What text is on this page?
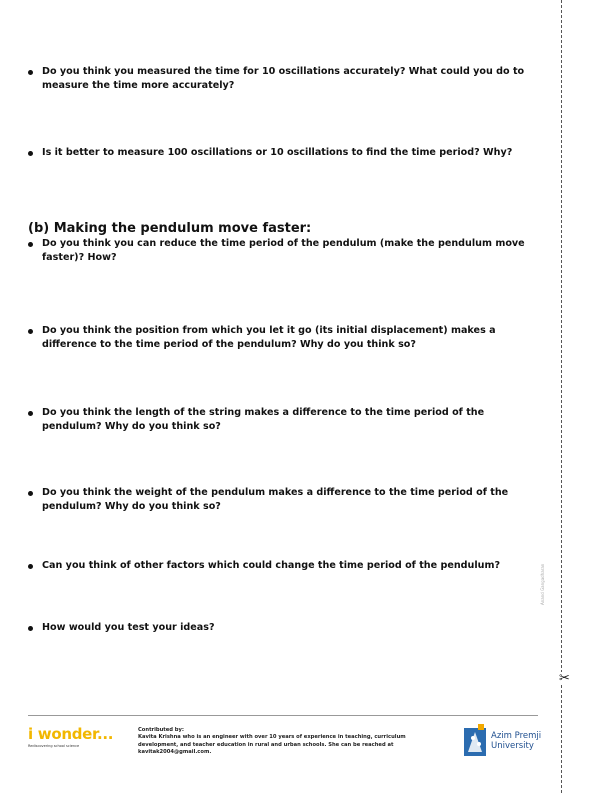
✂
Do you think you measured the time for 10 oscillations accurately? What could you do to measure the time more accurately?
Is it better to measure 100 oscillations or 10 oscillations to find the time period? Why?
(b) Making the pendulum move faster:
Do you think you can reduce the time period of the pendulum (make the pendulum move faster)? How?
Do you think the position from which you let it go (its initial displacement) makes a difference to the time period of the pendulum? Why do you think so?
Do you think the length of the string makes a difference to the time period of the pendulum? Why do you think so?
Do you think the weight of the pendulum makes a difference to the time period of the pendulum? Why do you think so?
Can you think of other factors which could change the time period of the pendulum?
How would you test your ideas?
Anand Gangadharan
i wonder...
Rediscovering school science
Contributed by:
Kavita Krishna who is an engineer with over 10 years of experience in teaching, curriculum development, and teacher education in rural and urban schools. She can be reached at kavitak2004@gmail.com.
Azim Premji
University
